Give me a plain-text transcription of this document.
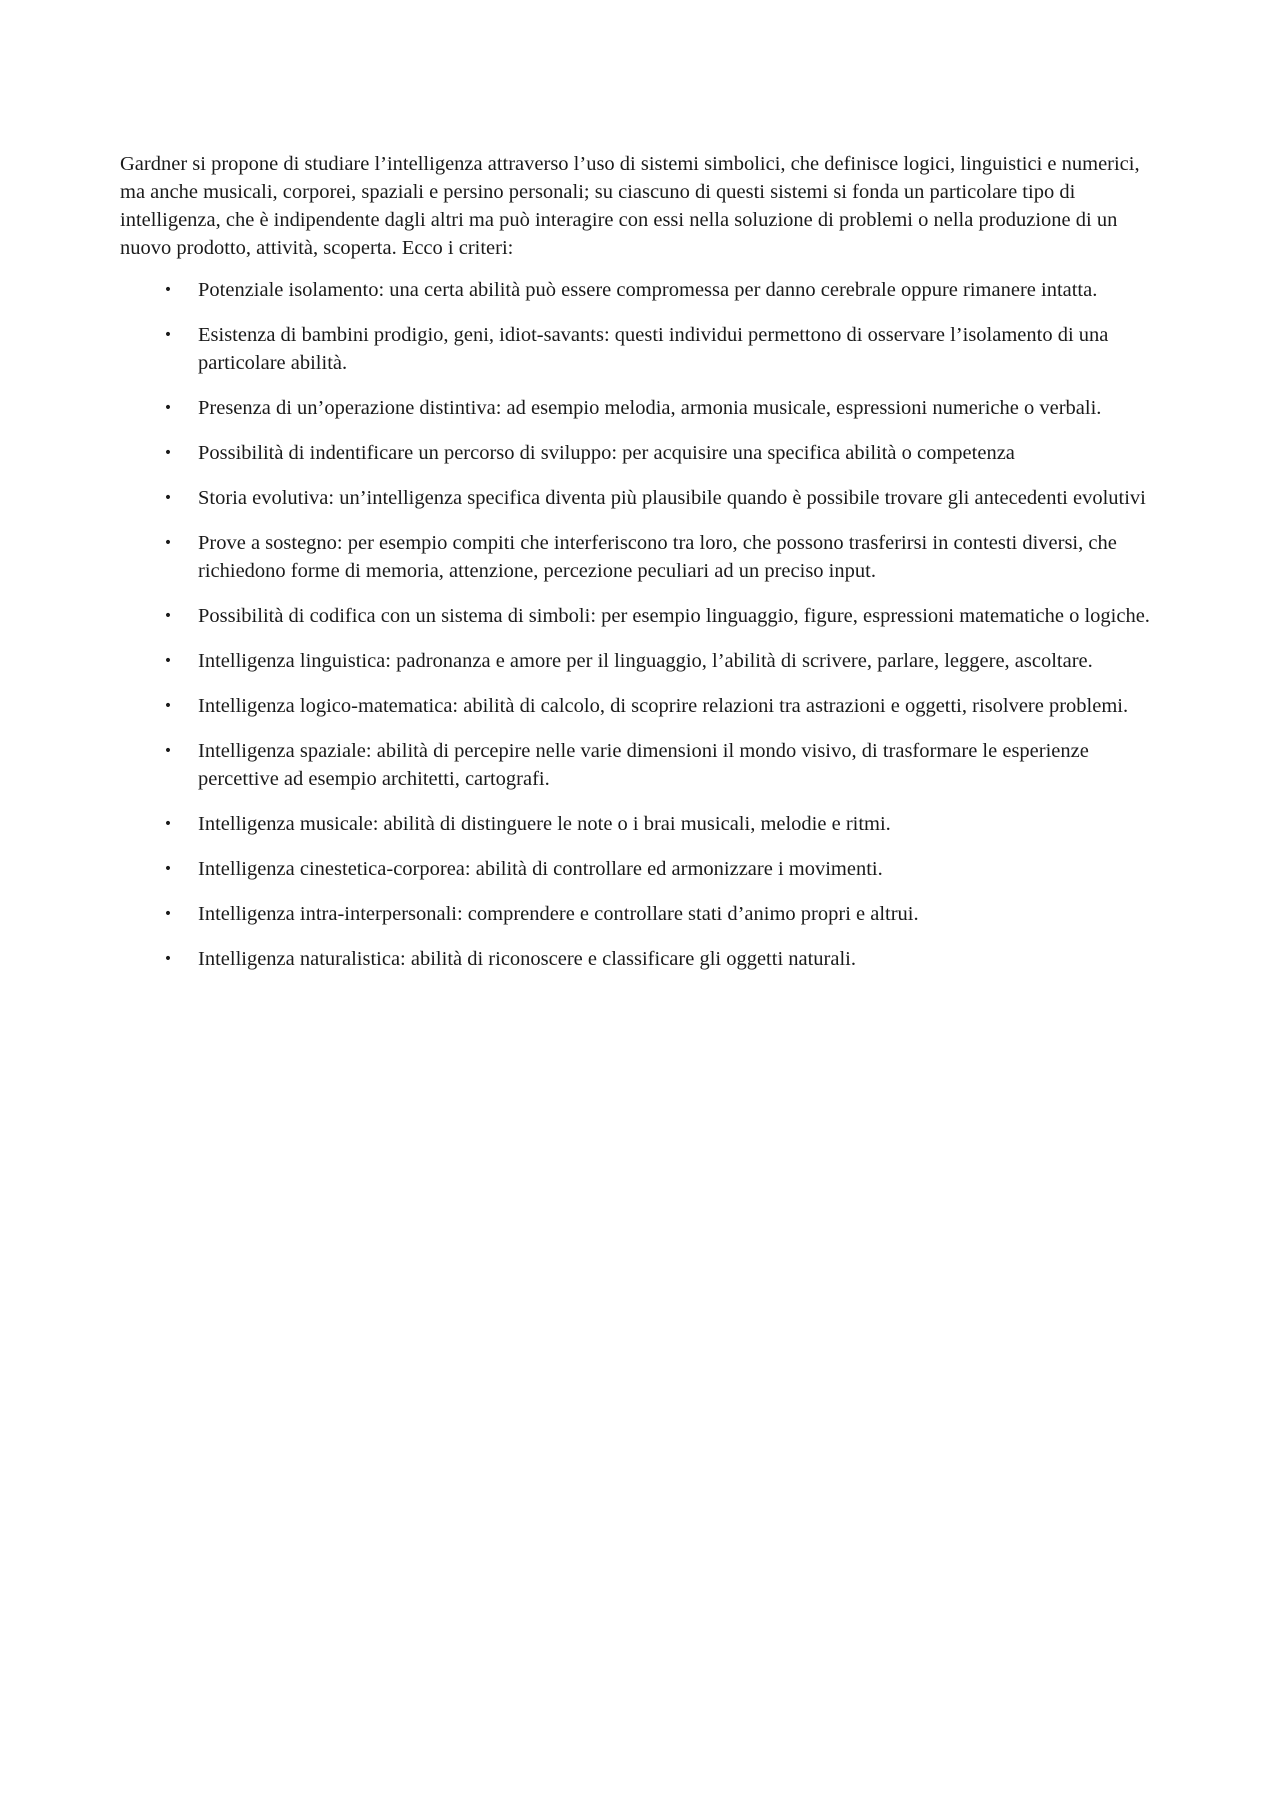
Gardner si propone di studiare l’intelligenza attraverso l’uso di sistemi simbolici, che definisce logici, linguistici e numerici, ma anche musicali, corporei, spaziali e persino personali; su ciascuno di questi sistemi si fonda un particolare tipo di intelligenza, che è indipendente dagli altri ma può interagire con essi nella soluzione di problemi o nella produzione di un nuovo prodotto, attività, scoperta. Ecco i criteri:

• Potenziale isolamento: una certa abilità può essere compromessa per danno cerebrale oppure rimanere intatta.
• Esistenza di bambini prodigio, geni, idiot-savants: questi individui permettono di osservare l’isolamento di una particolare abilità.
• Presenza di un’operazione distintiva: ad esempio melodia, armonia musicale, espressioni numeriche o verbali.
• Possibilità di indentificare un percorso di sviluppo: per acquisire una specifica abilità o competenza
• Storia evolutiva: un’intelligenza specifica diventa più plausibile quando è possibile trovare gli antecedenti evolutivi
• Prove a sostegno: per esempio compiti che interferiscono tra loro, che possono trasferirsi in contesti diversi, che richiedono forme di memoria, attenzione, percezione peculiari ad un preciso input.
• Possibilità di codifica con un sistema di simboli: per esempio linguaggio, figure, espressioni matematiche o logiche.
• Intelligenza linguistica: padronanza e amore per il linguaggio, l’abilità di scrivere, parlare, leggere, ascoltare.
• Intelligenza logico-matematica: abilità di calcolo, di scoprire relazioni tra astrazioni e oggetti, risolvere problemi.
• Intelligenza spaziale: abilità di percepire nelle varie dimensioni il mondo visivo, di trasformare le esperienze percettive ad esempio architetti, cartografi.
• Intelligenza musicale: abilità di distinguere le note o i brai musicali, melodie e ritmi.
• Intelligenza cinestetica-corporea: abilità di controllare ed armonizzare i movimenti.
• Intelligenza intra-interpersonali: comprendere e controllare stati d’animo propri e altrui.
• Intelligenza naturalistica: abilità di riconoscere e classificare gli oggetti naturali.
